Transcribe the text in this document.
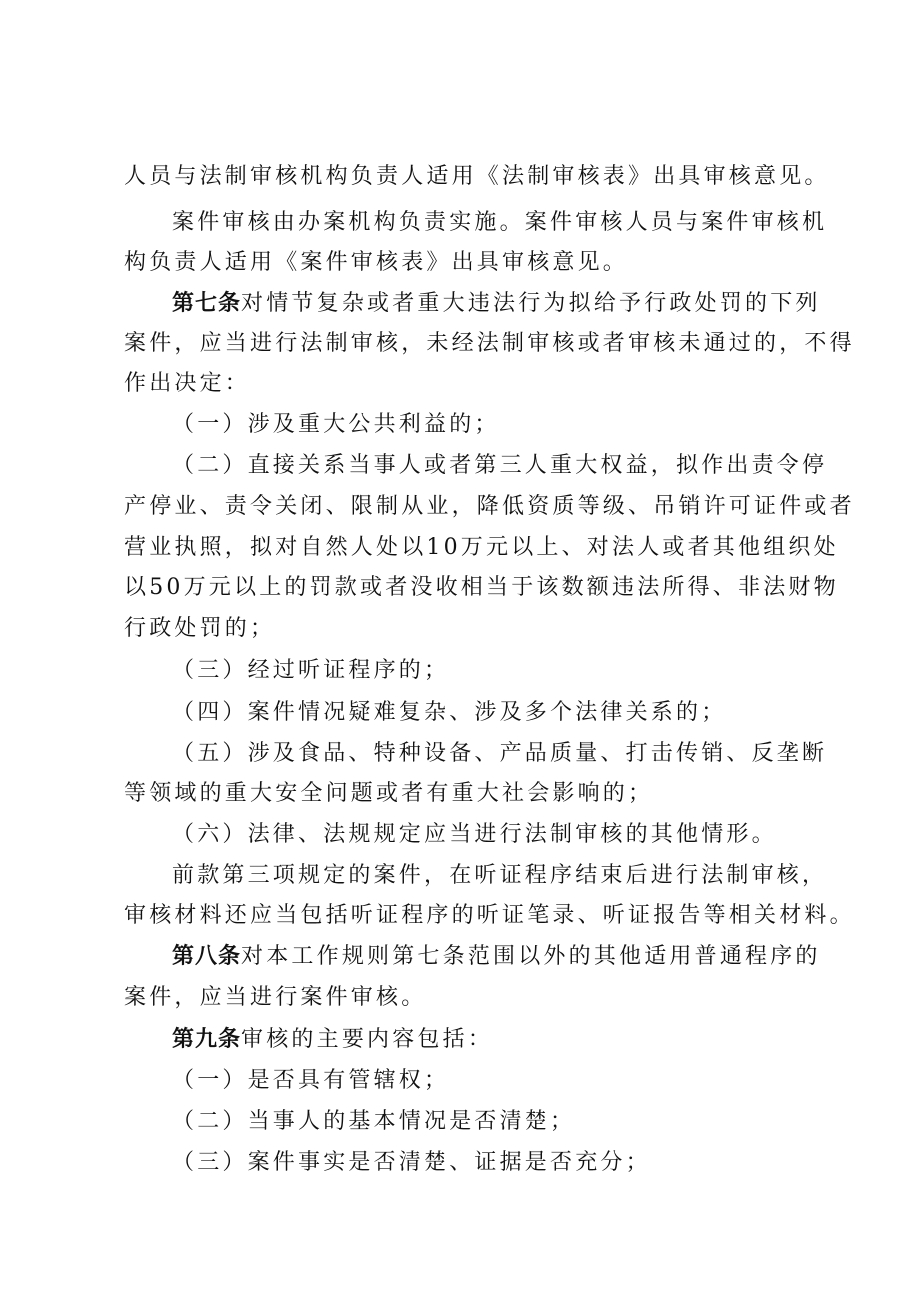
人员与法制审核机构负责人适用《法制审核表》出具审核意见。
案件审核由办案机构负责实施。案件审核人员与案件审核机
构负责人适用《案件审核表》出具审核意见。
第七条对情节复杂或者重大违法行为拟给予行政处罚的下列
案件，应当进行法制审核，未经法制审核或者审核未通过的，不得
作出决定：
（一）涉及重大公共利益的；
（二）直接关系当事人或者第三人重大权益，拟作出责令停
产停业、责令关闭、限制从业，降低资质等级、吊销许可证件或者
营业执照，拟对自然人处以10万元以上、对法人或者其他组织处
以50万元以上的罚款或者没收相当于该数额违法所得、非法财物
行政处罚的；
（三）经过听证程序的；
（四）案件情况疑难复杂、涉及多个法律关系的；
（五）涉及食品、特种设备、产品质量、打击传销、反垄断
等领域的重大安全问题或者有重大社会影响的；
（六）法律、法规规定应当进行法制审核的其他情形。
前款第三项规定的案件，在听证程序结束后进行法制审核，
审核材料还应当包括听证程序的听证笔录、听证报告等相关材料。
第八条对本工作规则第七条范围以外的其他适用普通程序的
案件，应当进行案件审核。
第九条审核的主要内容包括：
（一）是否具有管辖权；
（二）当事人的基本情况是否清楚；
（三）案件事实是否清楚、证据是否充分；
